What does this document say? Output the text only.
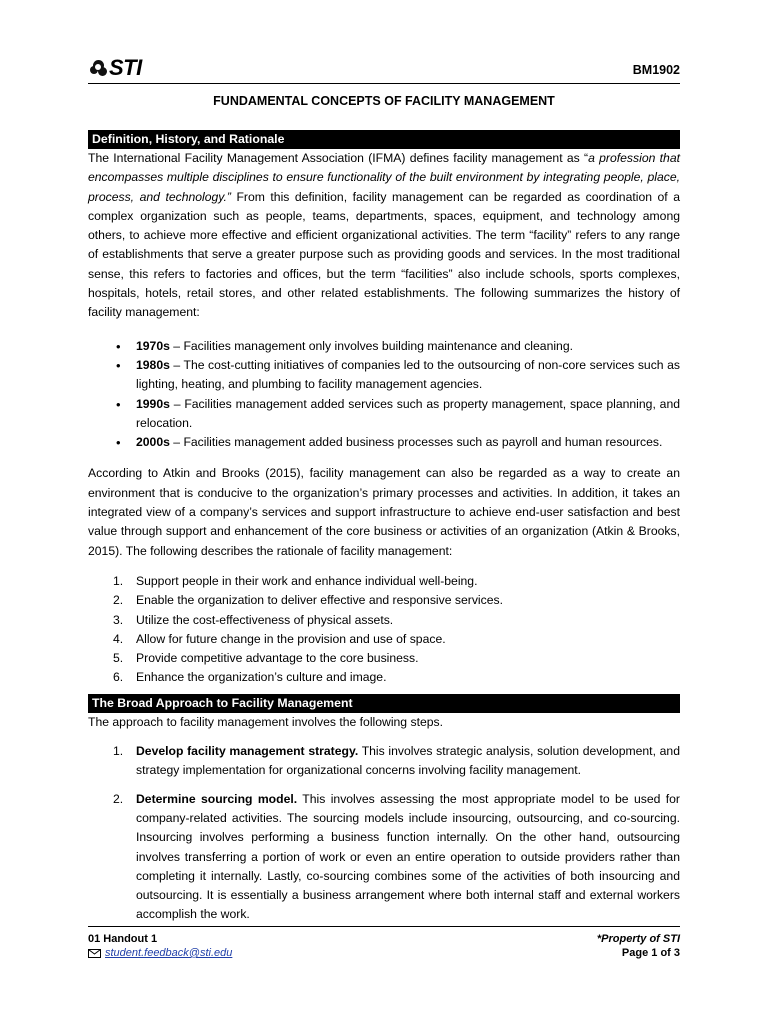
STI	BM1902
FUNDAMENTAL CONCEPTS OF FACILITY MANAGEMENT
Definition, History, and Rationale

The International Facility Management Association (IFMA) defines facility management as “a profession that encompasses multiple disciplines to ensure functionality of the built environment by integrating people, place, process, and technology.” From this definition, facility management can be regarded as coordination of a complex organization such as people, teams, departments, spaces, equipment, and technology among others, to achieve more effective and efficient organizational activities. The term “facility” refers to any range of establishments that serve a greater purpose such as providing goods and services. In the most traditional sense, this refers to factories and offices, but the term “facilities” also include schools, sports complexes, hospitals, hotels, retail stores, and other related establishments. The following summarizes the history of facility management:

• 1970s – Facilities management only involves building maintenance and cleaning.
• 1980s – The cost-cutting initiatives of companies led to the outsourcing of non-core services such as lighting, heating, and plumbing to facility management agencies.
• 1990s – Facilities management added services such as property management, space planning, and relocation.
• 2000s – Facilities management added business processes such as payroll and human resources.

According to Atkin and Brooks (2015), facility management can also be regarded as a way to create an environment that is conducive to the organization’s primary processes and activities. In addition, it takes an integrated view of a company’s services and support infrastructure to achieve end-user satisfaction and best value through support and enhancement of the core business or activities of an organization (Atkin & Brooks, 2015). The following describes the rationale of facility management:

1. Support people in their work and enhance individual well-being.
2. Enable the organization to deliver effective and responsive services.
3. Utilize the cost-effectiveness of physical assets.
4. Allow for future change in the provision and use of space.
5. Provide competitive advantage to the core business.
6. Enhance the organization’s culture and image.
The Broad Approach to Facility Management

The approach to facility management involves the following steps.

1. Develop facility management strategy. This involves strategic analysis, solution development, and strategy implementation for organizational concerns involving facility management.
2. Determine sourcing model. This involves assessing the most appropriate model to be used for company-related activities. The sourcing models include insourcing, outsourcing, and co-sourcing. Insourcing involves performing a business function internally. On the other hand, outsourcing involves transferring a portion of work or even an entire operation to outside providers rather than completing it internally. Lastly, co-sourcing combines some of the activities of both insourcing and outsourcing. It is essentially a business arrangement where both internal staff and external workers accomplish the work.
01 Handout 1
student.feedback@sti.edu
*Property of STI
Page 1 of 3
